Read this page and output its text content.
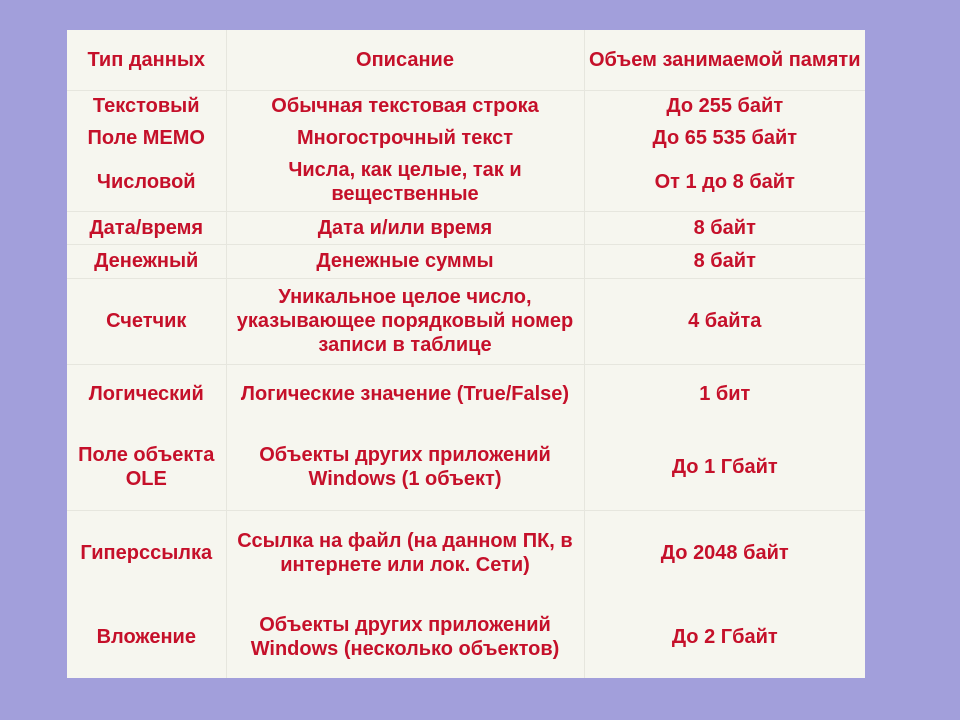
Тип данных	Описание	Объем занимаемой памяти
Текстовый	Обычная текстовая строка	До 255 байт
Поле МЕМО	Многострочный текст	До 65 535 байт
Числовой	Числа, как целые, так и вещественные	От 1 до 8 байт
Дата/время	Дата и/или время	8 байт
Денежный	Денежные суммы	8 байт
Счетчик	Уникальное целое число, указывающее порядковый номер записи в таблице	4 байта
Логический	Логические значение (True/False)	1 бит
Поле объекта OLE	Объекты других приложений Windows (1 объект)	До 1 Гбайт
Гиперссылка	Ссылка на файл (на данном ПК, в интернете или лок. Сети)	До 2048 байт
Вложение	Объекты других приложений Windows (несколько объектов)	До 2 Гбайт
